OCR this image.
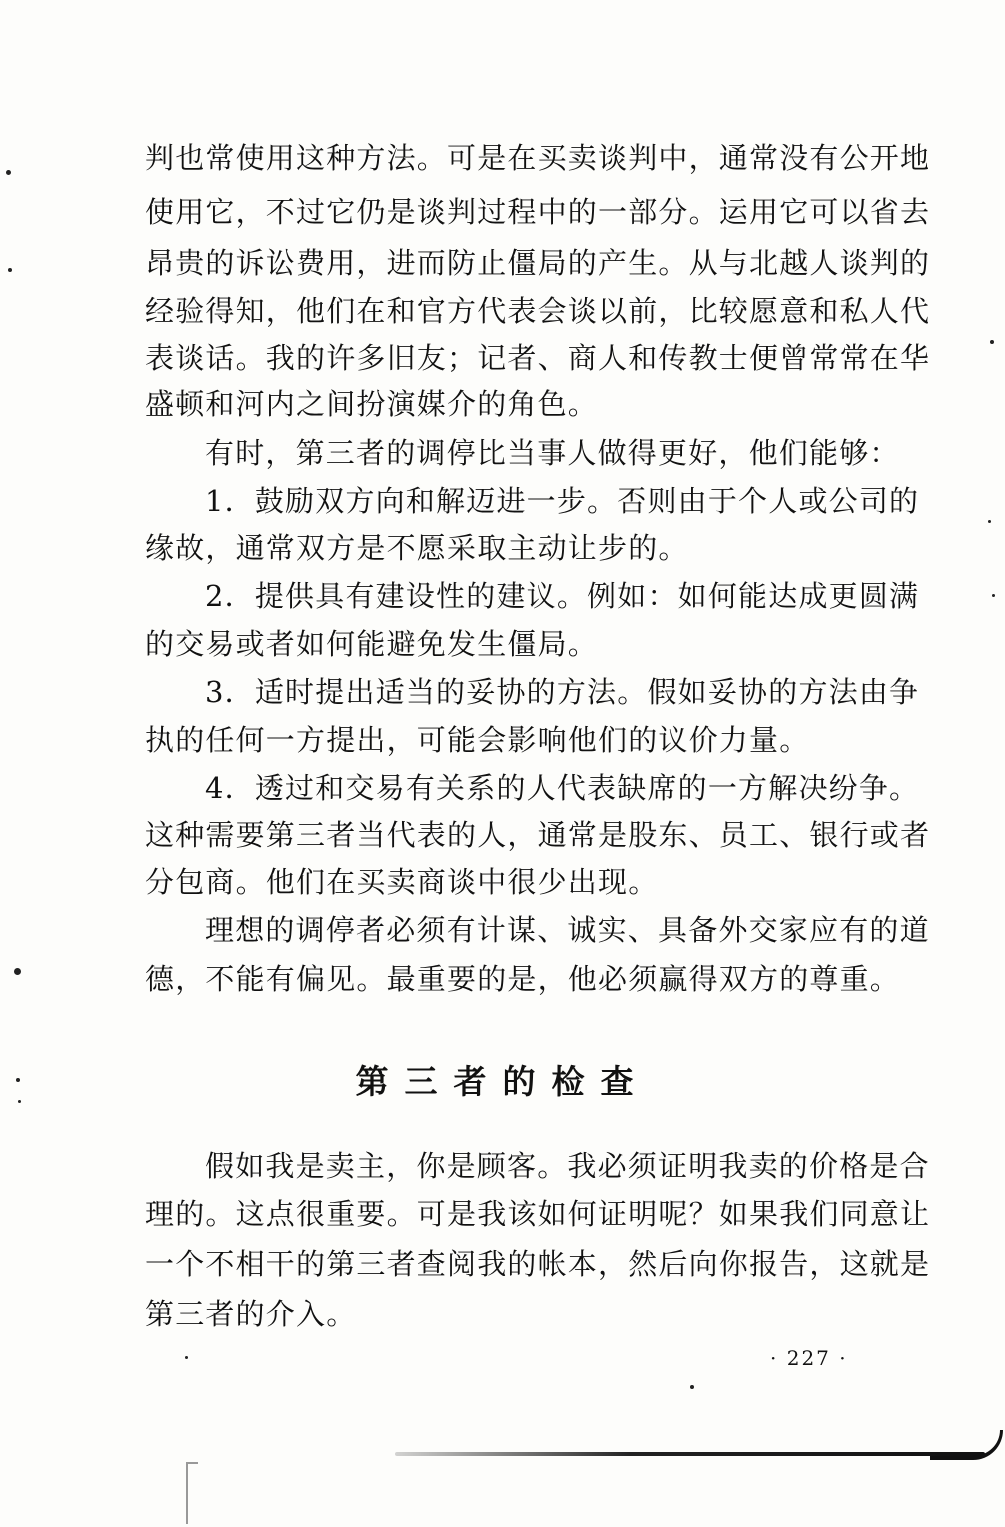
判也常使用这种方法。可是在买卖谈判中，通常没有公开地
使用它，不过它仍是谈判过程中的一部分。运用它可以省去
昂贵的诉讼费用，进而防止僵局的产生。从与北越人谈判的
经验得知，他们在和官方代表会谈以前，比较愿意和私人代
表谈话。我的许多旧友；记者、商人和传教士便曾常常在华
盛顿和河内之间扮演媒介的角色。
有时，第三者的调停比当事人做得更好，他们能够：
1．鼓励双方向和解迈进一步。否则由于个人或公司的
缘故，通常双方是不愿采取主动让步的。
2．提供具有建设性的建议。例如：如何能达成更圆满
的交易或者如何能避免发生僵局。
3．适时提出适当的妥协的方法。假如妥协的方法由争
执的任何一方提出，可能会影响他们的议价力量。
4．透过和交易有关系的人代表缺席的一方解决纷争。
这种需要第三者当代表的人，通常是股东、员工、银行或者
分包商。他们在买卖商谈中很少出现。
理想的调停者必须有计谋、诚实、具备外交家应有的道
德，不能有偏见。最重要的是，他必须赢得双方的尊重。
第三者的检查
假如我是卖主，你是顾客。我必须证明我卖的价格是合
理的。这点很重要。可是我该如何证明呢？如果我们同意让
一个不相干的第三者查阅我的帐本，然后向你报告，这就是
第三者的介入。
· 227 ·
